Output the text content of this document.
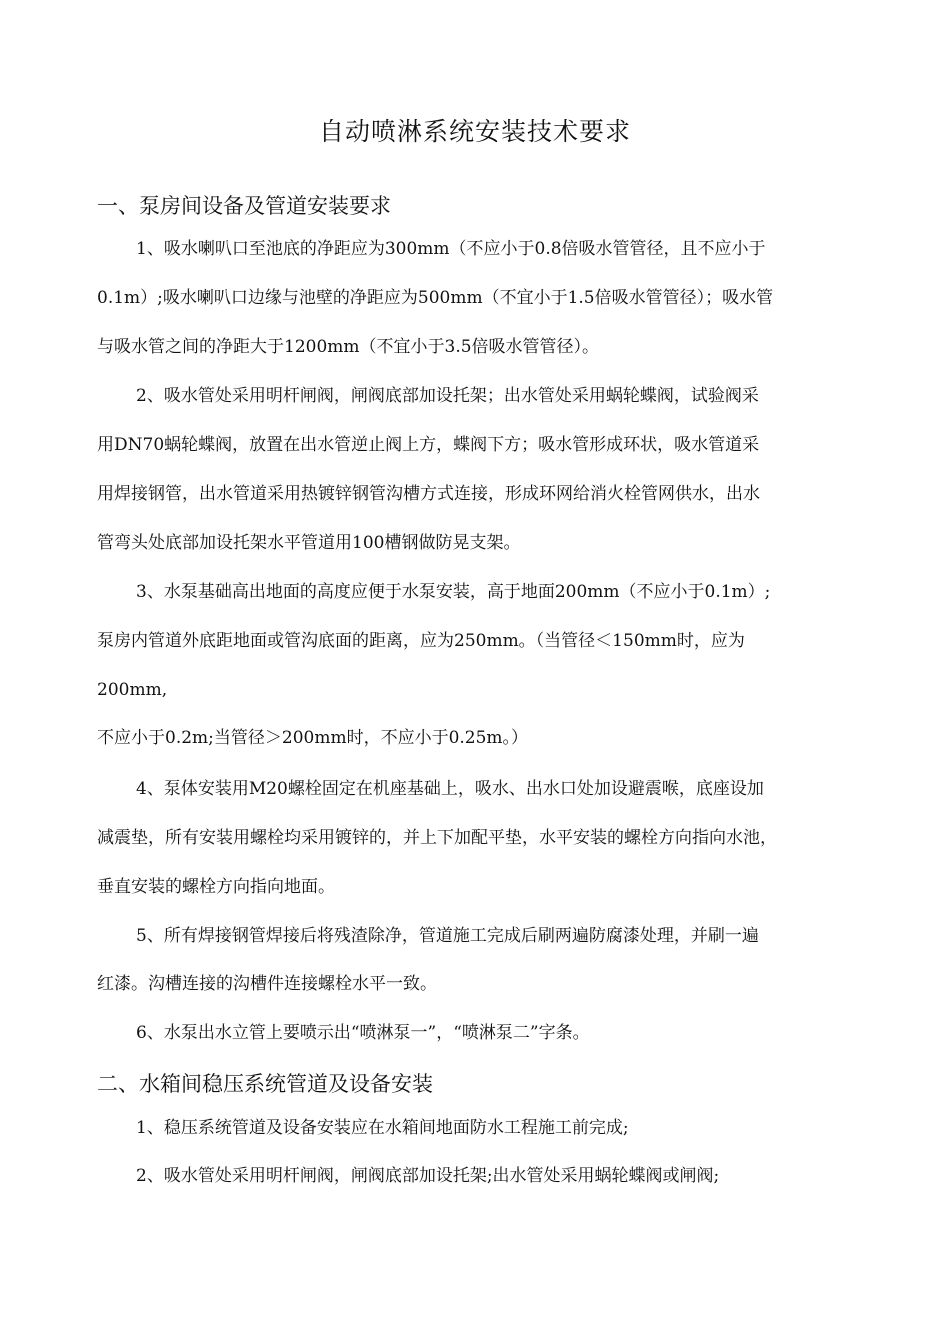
自动喷淋系统安装技术要求
一、泵房间设备及管道安装要求
1、吸水喇叭口至池底的净距应为300mm（不应小于0.8倍吸水管管径，且不应小于
0.1m）;吸水喇叭口边缘与池壁的净距应为500mm（不宜小于1.5倍吸水管管径）；吸水管
与吸水管之间的净距大于1200mm（不宜小于3.5倍吸水管管径）。
2、吸水管处采用明杆闸阀，闸阀底部加设托架；出水管处采用蜗轮蝶阀，试验阀采
用DN70蜗轮蝶阀，放置在出水管逆止阀上方，蝶阀下方；吸水管形成环状，吸水管道采
用焊接钢管，出水管道采用热镀锌钢管沟槽方式连接，形成环网给消火栓管网供水，出水
管弯头处底部加设托架水平管道用100槽钢做防晃支架。
3、水泵基础高出地面的高度应便于水泵安装，高于地面200mm（不应小于0.1m）;
泵房内管道外底距地面或管沟底面的距离，应为250mm。（当管径＜150mm时，应为
200mm,
不应小于0.2m;当管径＞200mm时，不应小于0.25m。）
4、泵体安装用M20螺栓固定在机座基础上，吸水、出水口处加设避震喉，底座设加
减震垫，所有安装用螺栓均采用镀锌的，并上下加配平垫，水平安装的螺栓方向指向水池，
垂直安装的螺栓方向指向地面。
5、所有焊接钢管焊接后将残渣除净，管道施工完成后刷两遍防腐漆处理，并刷一遍
红漆。沟槽连接的沟槽件连接螺栓水平一致。
6、水泵出水立管上要喷示出“喷淋泵一”，“喷淋泵二”字条。
二、水箱间稳压系统管道及设备安装
1、稳压系统管道及设备安装应在水箱间地面防水工程施工前完成;
2、吸水管处采用明杆闸阀，闸阀底部加设托架;出水管处采用蜗轮蝶阀或闸阀;
